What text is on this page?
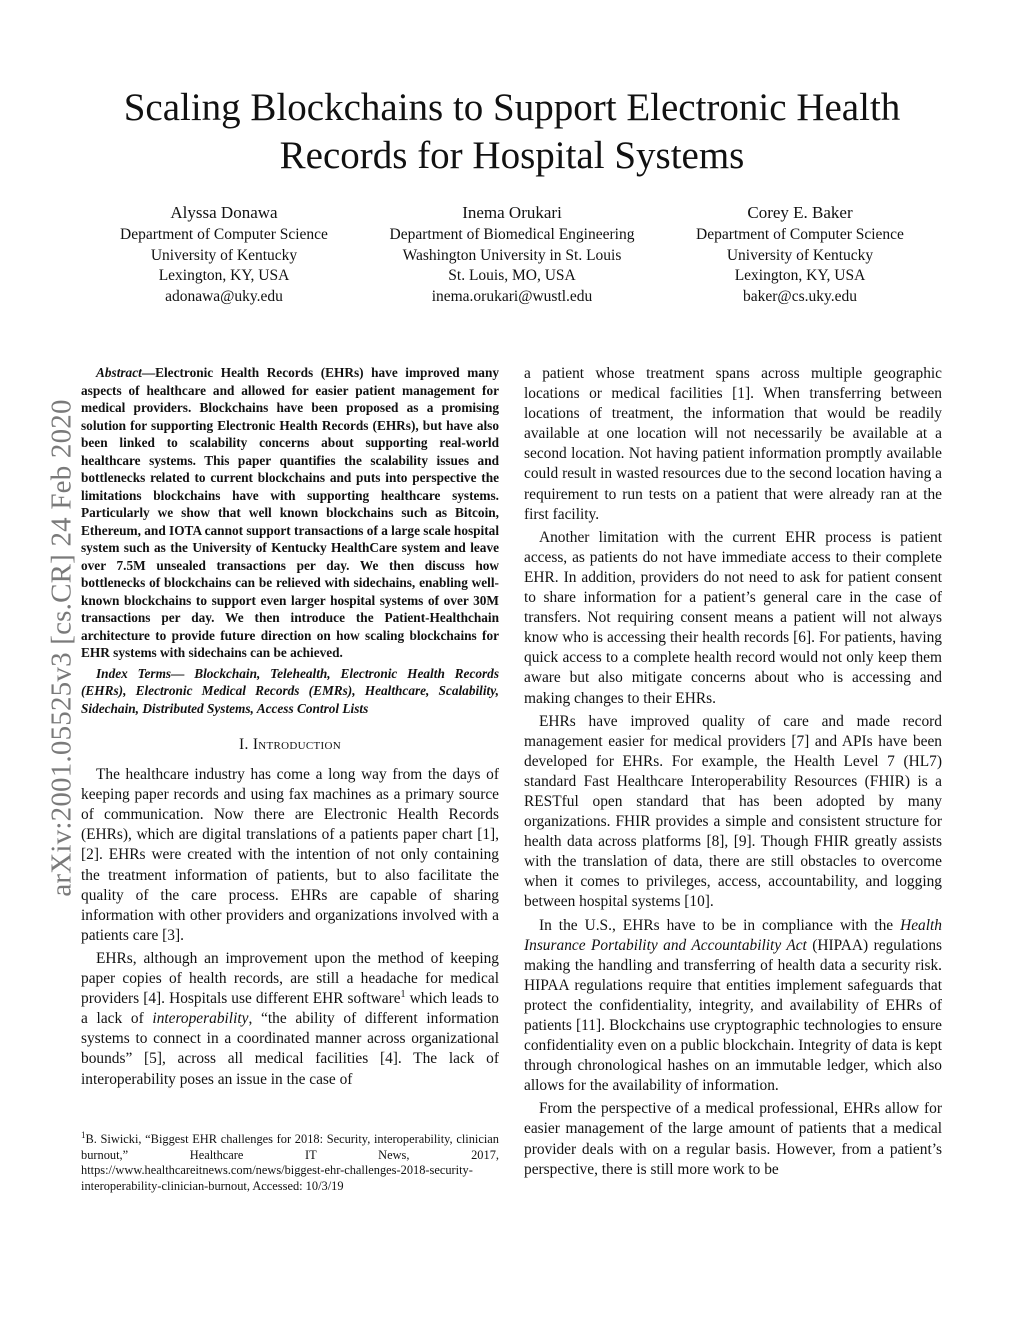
arXiv:2001.05525v3 [cs.CR] 24 Feb 2020
Scaling Blockchains to Support Electronic Health
Records for Hospital Systems
Alyssa Donawa
Department of Computer Science
University of Kentucky
Lexington, KY, USA
adonawa@uky.edu
Inema Orukari
Department of Biomedical Engineering
Washington University in St. Louis
St. Louis, MO, USA
inema.orukari@wustl.edu
Corey E. Baker
Department of Computer Science
University of Kentucky
Lexington, KY, USA
baker@cs.uky.edu

Abstract—Electronic Health Records (EHRs) have improved many aspects of healthcare and allowed for easier patient management for medical providers. Blockchains have been proposed as a promising solution for supporting Electronic Health Records (EHRs), but have also been linked to scalability concerns about supporting real-world healthcare systems. This paper quantifies the scalability issues and bottlenecks related to current blockchains and puts into perspective the limitations blockchains have with supporting healthcare systems. Particularly we show that well known blockchains such as Bitcoin, Ethereum, and IOTA cannot support transactions of a large scale hospital system such as the University of Kentucky HealthCare system and leave over 7.5M unsealed transactions per day. We then discuss how bottlenecks of blockchains can be relieved with sidechains, enabling well-known blockchains to support even larger hospital systems of over 30M transactions per day. We then introduce the Patient-Healthchain architecture to provide future direction on how scaling blockchains for EHR systems with sidechains can be achieved.

Index Terms— Blockchain, Telehealth, Electronic Health Records (EHRs), Electronic Medical Records (EMRs), Healthcare, Scalability, Sidechain, Distributed Systems, Access Control Lists

I. Introduction

The healthcare industry has come a long way from the days of keeping paper records and using fax machines as a primary source of communication. Now there are Electronic Health Records (EHRs), which are digital translations of a patients paper chart [1], [2]. EHRs were created with the intention of not only containing the treatment information of patients, but to also facilitate the quality of the care process. EHRs are capable of sharing information with other providers and organizations involved with a patients care [3].

EHRs, although an improvement upon the method of keeping paper copies of health records, are still a headache for medical providers [4]. Hospitals use different EHR software$^1$ which leads to a lack of interoperability, “the ability of different information systems to connect in a coordinated manner across organizational bounds” [5], across all medical facilities [4]. The lack of interoperability poses an issue in the case of

$^1$B. Siwicki, “Biggest EHR challenges for 2018: Security, interoperability, clinician burnout,” Healthcare IT News, 2017, https://www.healthcareitnews.com/news/biggest-ehr-challenges-2018-security-interoperability-clinician-burnout, Accessed: 10/3/19

a patient whose treatment spans across multiple geographic locations or medical facilities [1]. When transferring between locations of treatment, the information that would be readily available at one location will not necessarily be available at a second location. Not having patient information promptly available could result in wasted resources due to the second location having a requirement to run tests on a patient that were already ran at the first facility.

Another limitation with the current EHR process is patient access, as patients do not have immediate access to their complete EHR. In addition, providers do not need to ask for patient consent to share information for a patient’s general care in the case of transfers. Not requiring consent means a patient will not always know who is accessing their health records [6]. For patients, having quick access to a complete health record would not only keep them aware but also mitigate concerns about who is accessing and making changes to their EHRs.

EHRs have improved quality of care and made record management easier for medical providers [7] and APIs have been developed for EHRs. For example, the Health Level 7 (HL7) standard Fast Healthcare Interoperability Resources (FHIR) is a RESTful open standard that has been adopted by many organizations. FHIR provides a simple and consistent structure for health data across platforms [8], [9]. Though FHIR greatly assists with the translation of data, there are still obstacles to overcome when it comes to privileges, access, accountability, and logging between hospital systems [10].

In the U.S., EHRs have to be in compliance with the Health Insurance Portability and Accountability Act (HIPAA) regulations making the handling and transferring of health data a security risk. HIPAA regulations require that entities implement safeguards that protect the confidentiality, integrity, and availability of EHRs of patients [11]. Blockchains use cryptographic technologies to ensure confidentiality even on a public blockchain. Integrity of data is kept through chronological hashes on an immutable ledger, which also allows for the availability of information.

From the perspective of a medical professional, EHRs allow for easier management of the large amount of patients that a medical provider deals with on a regular basis. However, from a patient’s perspective, there is still more work to be
